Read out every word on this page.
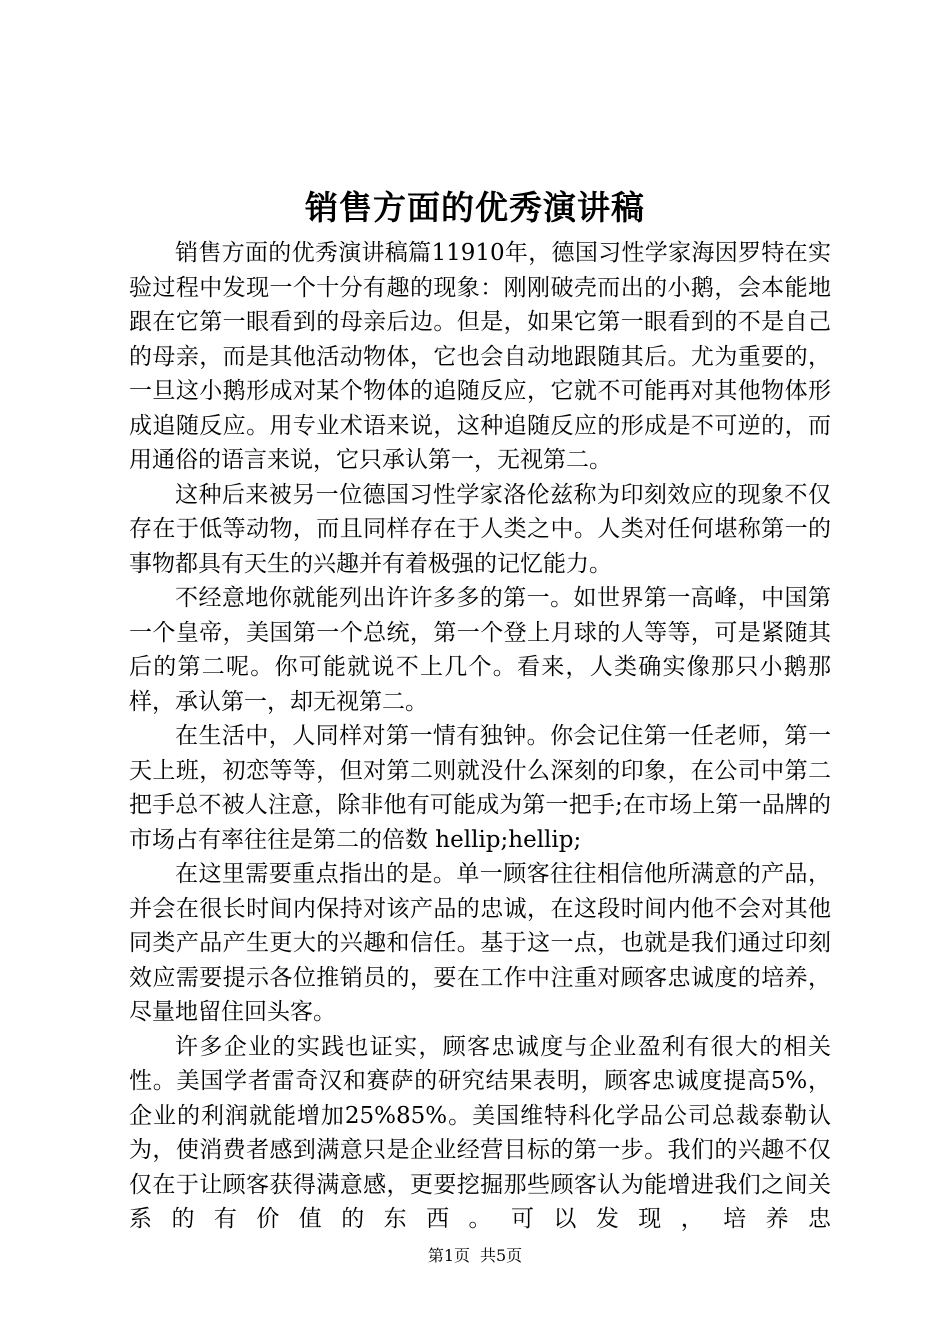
销售方面的优秀演讲稿

销售方面的优秀演讲稿篇11910年，德国习性学家海因罗特在实验过程中发现一个十分有趣的现象：刚刚破壳而出的小鹅，会本能地跟在它第一眼看到的母亲后边。但是，如果它第一眼看到的不是自己的母亲，而是其他活动物体，它也会自动地跟随其后。尤为重要的，一旦这小鹅形成对某个物体的追随反应，它就不可能再对其他物体形成追随反应。用专业术语来说，这种追随反应的形成是不可逆的，而用通俗的语言来说，它只承认第一，无视第二。

这种后来被另一位德国习性学家洛伦兹称为印刻效应的现象不仅存在于低等动物，而且同样存在于人类之中。人类对任何堪称第一的事物都具有天生的兴趣并有着极强的记忆能力。

不经意地你就能列出许许多多的第一。如世界第一高峰，中国第一个皇帝，美国第一个总统，第一个登上月球的人等等，可是紧随其后的第二呢。你可能就说不上几个。看来，人类确实像那只小鹅那样，承认第一，却无视第二。

在生活中，人同样对第一情有独钟。你会记住第一任老师，第一天上班，初恋等等，但对第二则就没什么深刻的印象，在公司中第二把手总不被人注意，除非他有可能成为第一把手;在市场上第一品牌的市场占有率往往是第二的倍数 hellip;hellip;

在这里需要重点指出的是。单一顾客往往相信他所满意的产品，并会在很长时间内保持对该产品的忠诚，在这段时间内他不会对其他同类产品产生更大的兴趣和信任。基于这一点，也就是我们通过印刻效应需要提示各位推销员的，要在工作中注重对顾客忠诚度的培养，尽量地留住回头客。

许多企业的实践也证实，顾客忠诚度与企业盈利有很大的相关性。美国学者雷奇汉和赛萨的研究结果表明，顾客忠诚度提高5%，企业的利润就能增加25%85%。美国维特科化学品公司总裁泰勒认为，使消费者感到满意只是企业经营目标的第一步。我们的兴趣不仅仅在于让顾客获得满意感，更要挖掘那些顾客认为能增进我们之间关系的有价值的东西。可以发现，培养忠

第1页 共5页
